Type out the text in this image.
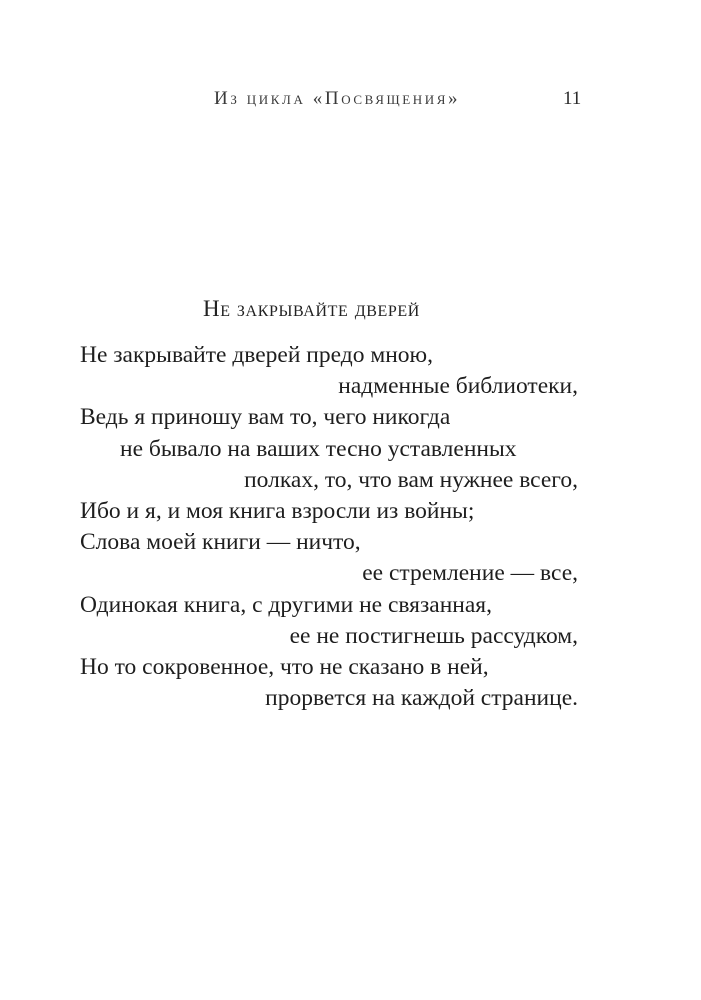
Из цикла «Посвящения»	11
Не закрывайте дверей
Не закрывайте дверей предо мною,
надменные библиотеки,
Ведь я приношу вам то, чего никогда
не бывало на ваших тесно уставленных
полках, то, что вам нужнее всего,
Ибо и я, и моя книга взросли из войны;
Слова моей книги — ничто,
ее стремление — все,
Одинокая книга, с другими не связанная,
ее не постигнешь рассудком,
Но то сокровенное, что не сказано в ней,
прорвется на каждой странице.
